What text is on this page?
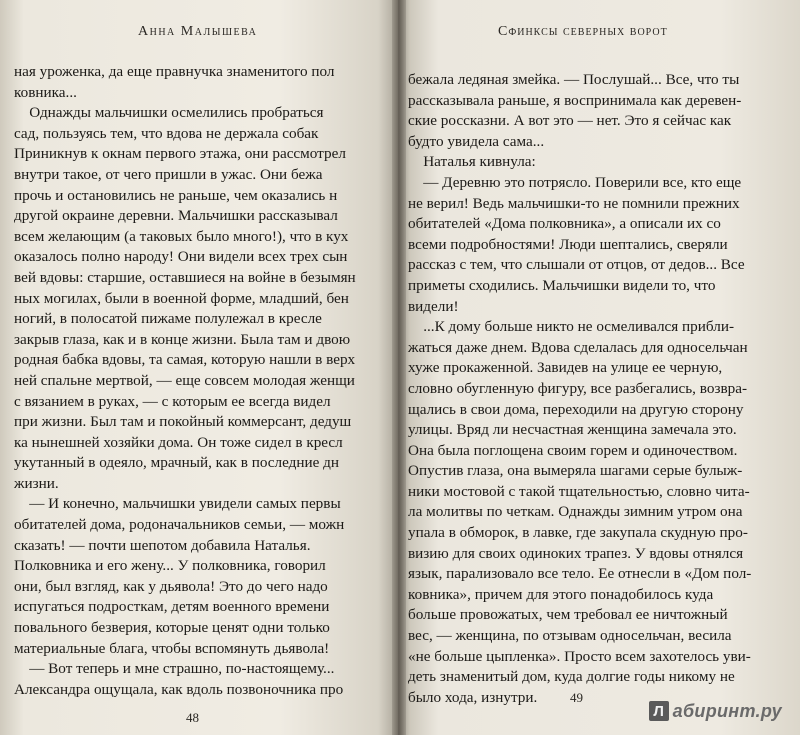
Анна Малышева
ная уроженка, да еще правнучка знаменитого пол
ковника...
 Однажды мальчишки осмелились пробраться
сад, пользуясь тем, что вдова не держала собак
Приникнув к окнам первого этажа, они рассмотрел
внутри такое, от чего пришли в ужас. Они бежа
прочь и остановились не раньше, чем оказались н
другой окраине деревни. Мальчишки рассказывал
всем желающим (а таковых было много!), что в кух
оказалось полно народу! Они видели всех трех сын
вей вдовы: старшие, оставшиеся на войне в безымян
ных могилах, были в военной форме, младший, бен
ногий, в полосатой пижаме полулежал в кресле
закрыв глаза, как и в конце жизни. Была там и двою
родная бабка вдовы, та самая, которую нашли в верх
ней спальне мертвой, — еще совсем молодая женщи
с вязанием в руках, — с которым ее всегда видел
при жизни. Был там и покойный коммерсант, дедуш
ка нынешней хозяйки дома. Он тоже сидел в кресл
укутанный в одеяло, мрачный, как в последние дн
жизни.
 — И конечно, мальчишки увидели самых первы
обитателей дома, родоначальников семьи, — можн
сказать! — почти шепотом добавила Наталья.
Полковника и его жену... У полковника, говорил
они, был взгляд, как у дьявола! Это до чего надо
испугаться подросткам, детям военного времени
повального безверия, которые ценят одни только
материальные блага, чтобы вспомянуть дьявола!
 — Вот теперь и мне страшно, по-настоящему...
Александра ощущала, как вдоль позвоночника про
48
Сфинксы северных ворот
бежала ледяная змейка. — Послушай... Все, что ты
рассказывала раньше, я воспринимала как деревен-
ские россказни. А вот это — нет. Это я сейчас как
будто увидела сама...
 Наталья кивнула:
 — Деревню это потрясло. Поверили все, кто еще
не верил! Ведь мальчишки-то не помнили прежних
обитателей «Дома полковника», а описали их со
всеми подробностями! Люди шептались, сверяли
рассказ с тем, что слышали от отцов, от дедов... Все
приметы сходились. Мальчишки видели то, что
видели!
 ...К дому больше никто не осмеливался прибли-
жаться даже днем. Вдова сделалась для односельчан
хуже прокаженной. Завидев на улице ее черную,
словно обугленную фигуру, все разбегались, возвра-
щались в свои дома, переходили на другую сторону
улицы. Вряд ли несчастная женщина замечала это.
Она была поглощена своим горем и одиночеством.
Опустив глаза, она вымеряла шагами серые булыж-
ники мостовой с такой тщательностью, словно чита-
ла молитвы по четкам. Однажды зимним утром она
упала в обморок, в лавке, где закупала скудную про-
визию для своих одиноких трапез. У вдовы отнялся
язык, парализовало все тело. Ее отнесли в «Дом пол-
ковника», причем для этого понадобилось куда
больше провожатых, чем требовал ее ничтожный
вес, — женщина, по отзывам односельчан, весила
«не больше цыпленка». Просто всем захотелось уви-
деть знаменитый дом, куда долгие годы никому не
было хода, изнутри.	49
Л абиринт.ру
